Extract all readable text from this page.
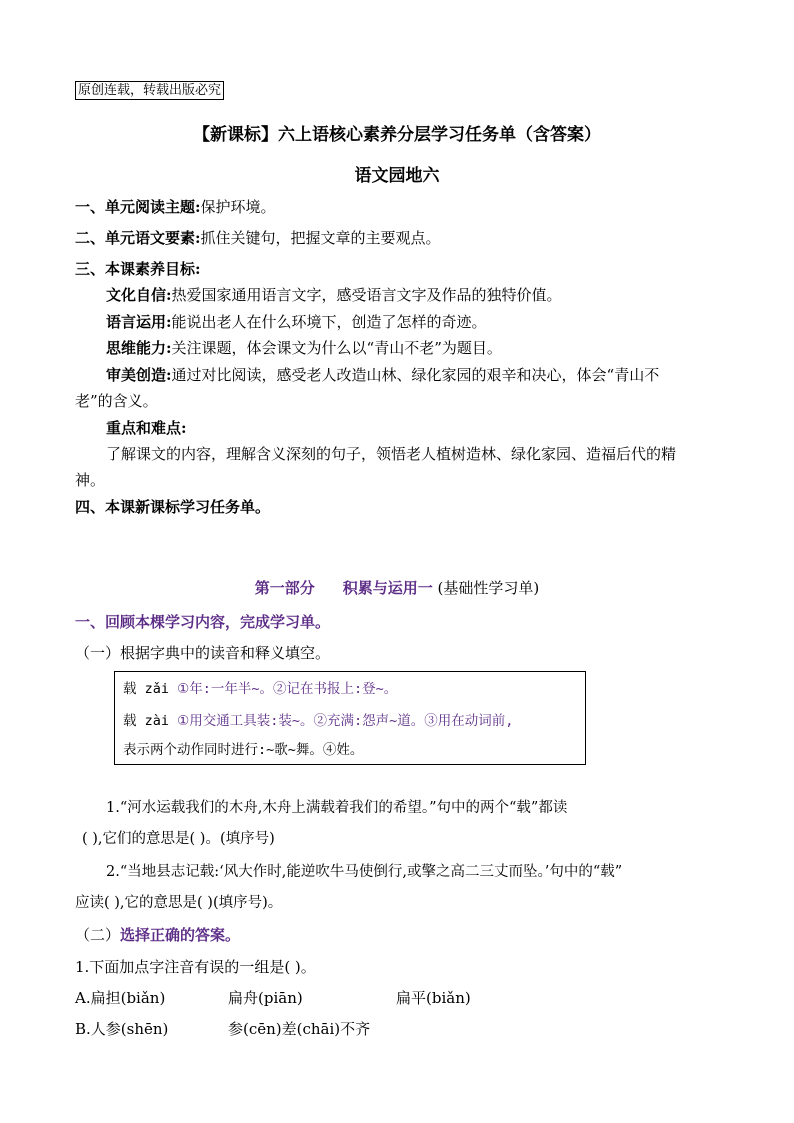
原创连载，转载出版必究
【新课标】六上语核心素养分层学习任务单（含答案）
语文园地六
一、单元阅读主题:保护环境。
二、单元语文要素:抓住关键句，把握文章的主要观点。
三、本课素养目标:
文化自信:热爱国家通用语言文字，感受语言文字及作品的独特价值。
语言运用:能说出老人在什么环境下，创造了怎样的奇迹。
思维能力:关注课题，体会课文为什么以“青山不老”为题目。
审美创造:通过对比阅读，感受老人改造山林、绿化家园的艰辛和决心，体会“青山不
老”的含义。
重点和难点:
了解课文的内容，理解含义深刻的句子，领悟老人植树造林、绿化家园、造福后代的精
神。
四、本课新课标学习任务单。
第一部分 积累与运用一 (基础性学习单)
一、回顾本棵学习内容，完成学习单。
（一）根据字典中的读音和释义填空。
载 zǎi ①年:一年半~。②记在书报上:登~。
载 zài ①用交通工具装:装~。②充满:怨声~道。③用在动词前,
表示两个动作同时进行:~歌~舞。④姓。
1.“河水运载我们的木舟,木舟上满载着我们的希望。”句中的两个“载”都读
( ),它们的意思是( )。(填序号)
2.“当地县志记载:‘风大作时,能逆吹牛马使倒行,或擎之高二三丈而坠。’句中的“载”
应读( ),它的意思是( )(填序号)。
（二）选择正确的答案。
1.下面加点字注音有误的一组是( )。
A.扁担(biǎn)	扁舟(piān)	扁平(biǎn)
B.人参(shēn)	参(cēn)差(chāi)不齐
